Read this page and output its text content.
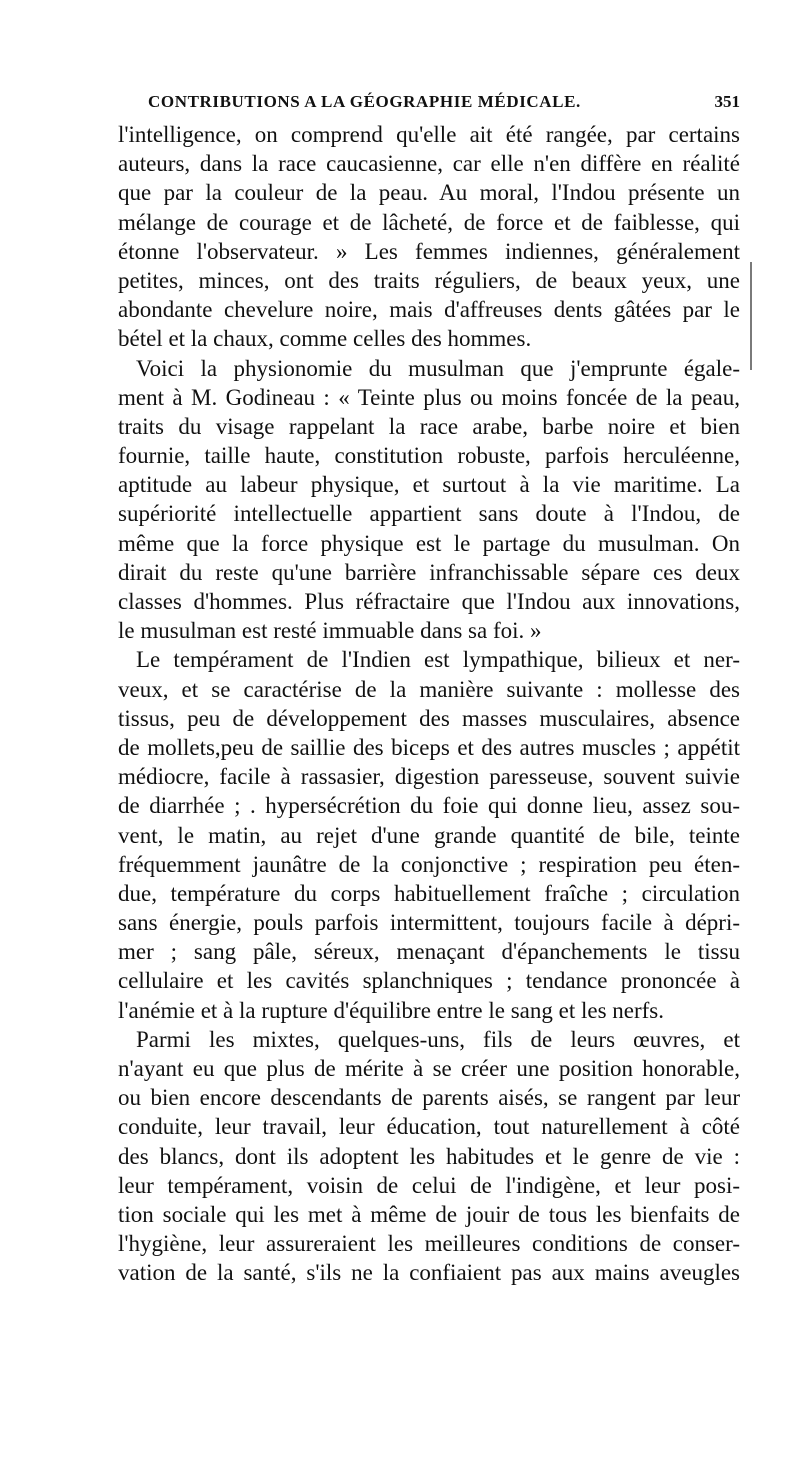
CONTRIBUTIONS A LA GÉOGRAPHIE MÉDICALE.	351
l'intelligence, on comprend qu'elle ait été rangée, par certains
auteurs, dans la race caucasienne, car elle n'en diffère en réalité
que par la couleur de la peau. Au moral, l'Indou présente un
mélange de courage et de lâcheté, de force et de faiblesse, qui
étonne l'observateur. » Les femmes indiennes, généralement
petites, minces, ont des traits réguliers, de beaux yeux, une
abondante chevelure noire, mais d'affreuses dents gâtées par le
bétel et la chaux, comme celles des hommes.
Voici la physionomie du musulman que j'emprunte égale-
ment à M. Godineau : « Teinte plus ou moins foncée de la peau,
traits du visage rappelant la race arabe, barbe noire et bien
fournie, taille haute, constitution robuste, parfois herculéenne,
aptitude au labeur physique, et surtout à la vie maritime. La
supériorité intellectuelle appartient sans doute à l'Indou, de
même que la force physique est le partage du musulman. On
dirait du reste qu'une barrière infranchissable sépare ces deux
classes d'hommes. Plus réfractaire que l'Indou aux innovations,
le musulman est resté immuable dans sa foi. »
Le tempérament de l'Indien est lympathique, bilieux et ner-
veux, et se caractérise de la manière suivante : mollesse des
tissus, peu de développement des masses musculaires, absence
de mollets,peu de saillie des biceps et des autres muscles ; appétit
médiocre, facile à rassasier, digestion paresseuse, souvent suivie
de diarrhée ; . hypersécrétion du foie qui donne lieu, assez sou-
vent, le matin, au rejet d'une grande quantité de bile, teinte
fréquemment jaunâtre de la conjonctive ; respiration peu éten-
due, température du corps habituellement fraîche ; circulation
sans énergie, pouls parfois intermittent, toujours facile à dépri-
mer ; sang pâle, séreux, menaçant d'épanchements le tissu
cellulaire et les cavités splanchniques ; tendance prononcée à
l'anémie et à la rupture d'équilibre entre le sang et les nerfs.
Parmi les mixtes, quelques-uns, fils de leurs œuvres, et
n'ayant eu que plus de mérite à se créer une position honorable,
ou bien encore descendants de parents aisés, se rangent par leur
conduite, leur travail, leur éducation, tout naturellement à côté
des blancs, dont ils adoptent les habitudes et le genre de vie :
leur tempérament, voisin de celui de l'indigène, et leur posi-
tion sociale qui les met à même de jouir de tous les bienfaits de
l'hygiène, leur assureraient les meilleures conditions de conser-
vation de la santé, s'ils ne la confiaient pas aux mains aveugles
